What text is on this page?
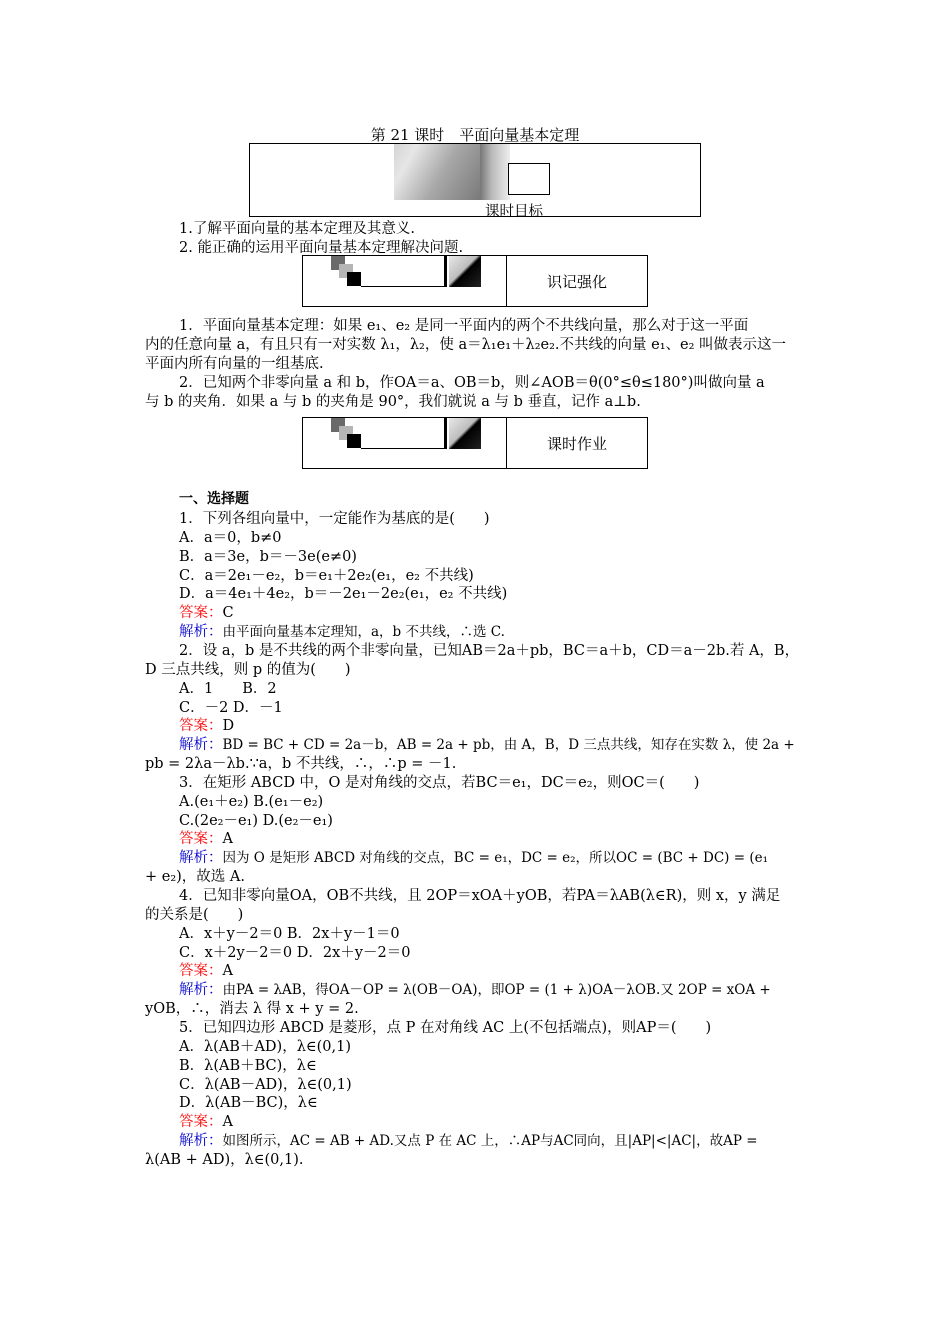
第 21 课时　平面向量基本定理
课时目标
1.了解平面向量的基本定理及其意义.
2. 能正确的运用平面向量基本定理解决问题.
识记强化
1．平面向量基本定理：如果 e₁、e₂ 是同一平面内的两个不共线向量，那么对于这一平面
内的任意向量 a，有且只有一对实数 λ₁，λ₂，使 a＝λ₁e₁＋λ₂e₂.不共线的向量 e₁、e₂ 叫做表示这一
平面内所有向量的一组基底.
2．已知两个非零向量 a 和 b，作OA＝a、OB＝b，则∠AOB＝θ(0°≤θ≤180°)叫做向量 a
与 b 的夹角．如果 a 与 b 的夹角是 90°，我们就说 a 与 b 垂直，记作 a⊥b.
课时作业
一、选择题
1．下列各组向量中，一定能作为基底的是(　　)
A．a＝0，b≠0
B．a＝3e，b＝－3e(e≠0)
C．a＝2e₁－e₂，b＝e₁＋2e₂(e₁，e₂ 不共线)
D．a＝4e₁＋4e₂，b＝－2e₁－2e₂(e₁，e₂ 不共线)
答案：C
解析：由平面向量基本定理知，a，b 不共线，∴选 C.
2．设 a，b 是不共线的两个非零向量，已知AB＝2a＋pb，BC＝a＋b，CD＝a－2b.若 A，B，
D 三点共线，则 p 的值为(　　)
A．1　　B．2
C．－2 D．－1
答案：D
解析：BD = BC + CD = 2a－b，AB = 2a + pb，由 A，B，D 三点共线，知存在实数 λ，使 2a +
pb = 2λa－λb.∵a，b 不共线，∴，∴p = －1.
3．在矩形 ABCD 中，O 是对角线的交点，若BC＝e₁，DC＝e₂，则OC＝(　　)
A.(e₁＋e₂) B.(e₁－e₂)
C.(2e₂－e₁) D.(e₂－e₁)
答案：A
解析：因为 O 是矩形 ABCD 对角线的交点，BC = e₁，DC = e₂，所以OC = (BC + DC) = (e₁
+ e₂)，故选 A.
4．已知非零向量OA，OB不共线，且 2OP＝xOA＋yOB，若PA＝λAB(λ∈R)，则 x，y 满足
的关系是(　　)
A．x＋y－2＝0 B．2x＋y－1＝0
C．x＋2y－2＝0 D．2x＋y－2＝0
答案：A
解析：由PA = λAB，得OA－OP = λ(OB－OA)，即OP = (1 + λ)OA－λOB.又 2OP = xOA +
yOB，∴，消去 λ 得 x + y = 2.
5．已知四边形 ABCD 是菱形，点 P 在对角线 AC 上(不包括端点)，则AP＝(　　)
A．λ(AB＋AD)，λ∈(0,1)
B．λ(AB＋BC)，λ∈
C．λ(AB－AD)，λ∈(0,1)
D．λ(AB－BC)，λ∈
答案：A
解析：如图所示，AC = AB + AD.又点 P 在 AC 上，∴AP与AC同向，且|AP|<|AC|，故AP =
λ(AB + AD)，λ∈(0,1).
